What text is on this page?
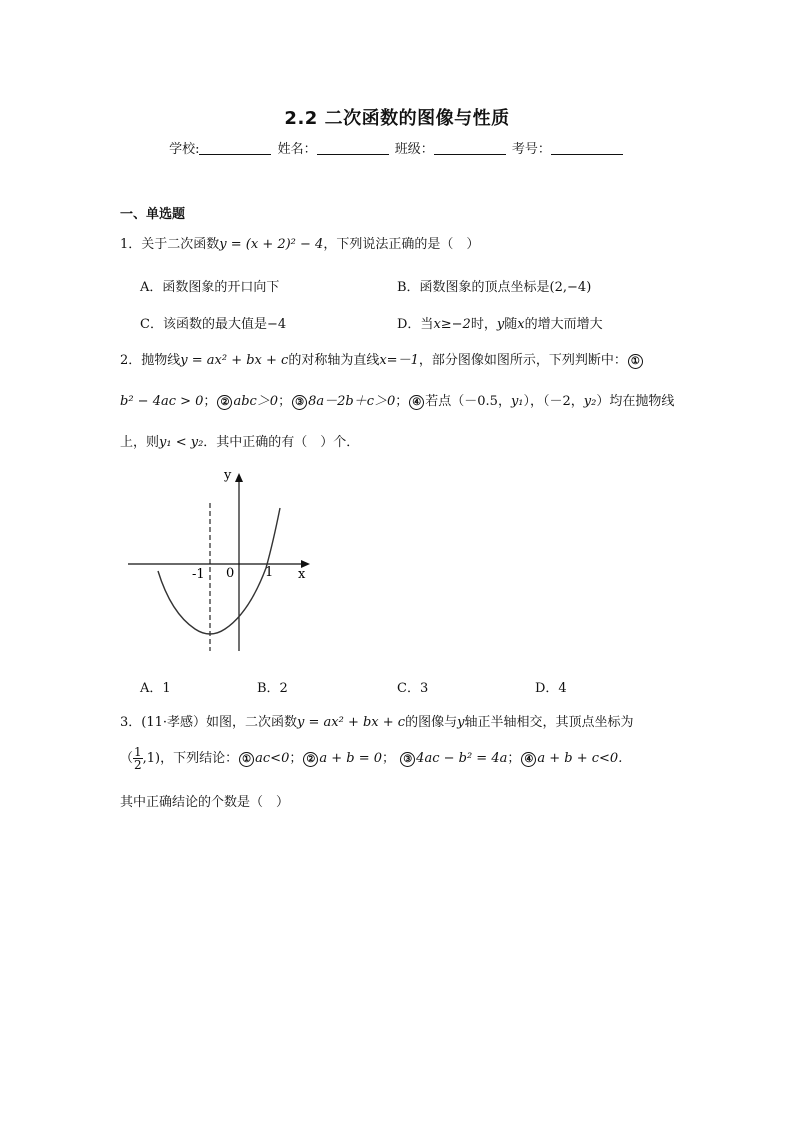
2.2 二次函数的图像与性质
学校:	姓名：	班级：	考号：
一、单选题
1．关于二次函数y = (x + 2)² − 4，下列说法正确的是（　）
A．函数图象的开口向下	B．函数图象的顶点坐标是(2,−4)
C．该函数的最大值是−4	D．当x≥−2时，y随x的增大而增大
2．抛物线y = ax² + bx + c的对称轴为直线x=－1，部分图像如图所示，下列判断中： ①
b² − 4ac > 0； ② abc＞0； ③ 8a－2b＋c＞0； ④ 若点（－0.5，y₁），（－2，y₂）均在抛物线
上，则y₁ < y₂．其中正确的有（　）个．
y
x
-1 0 1
A．1	B．2	C．3	D．4
3．(11·孝感）如图，二次函数y = ax² + bx + c的图像与y轴正半轴相交，其顶点坐标为
（ $\frac{1}{2} ,1$)，下列结论： ① ac<0； ② a + b = 0； ③ 4ac − b² = 4a； ④ a + b + c<0.
其中正确结论的个数是（　）
